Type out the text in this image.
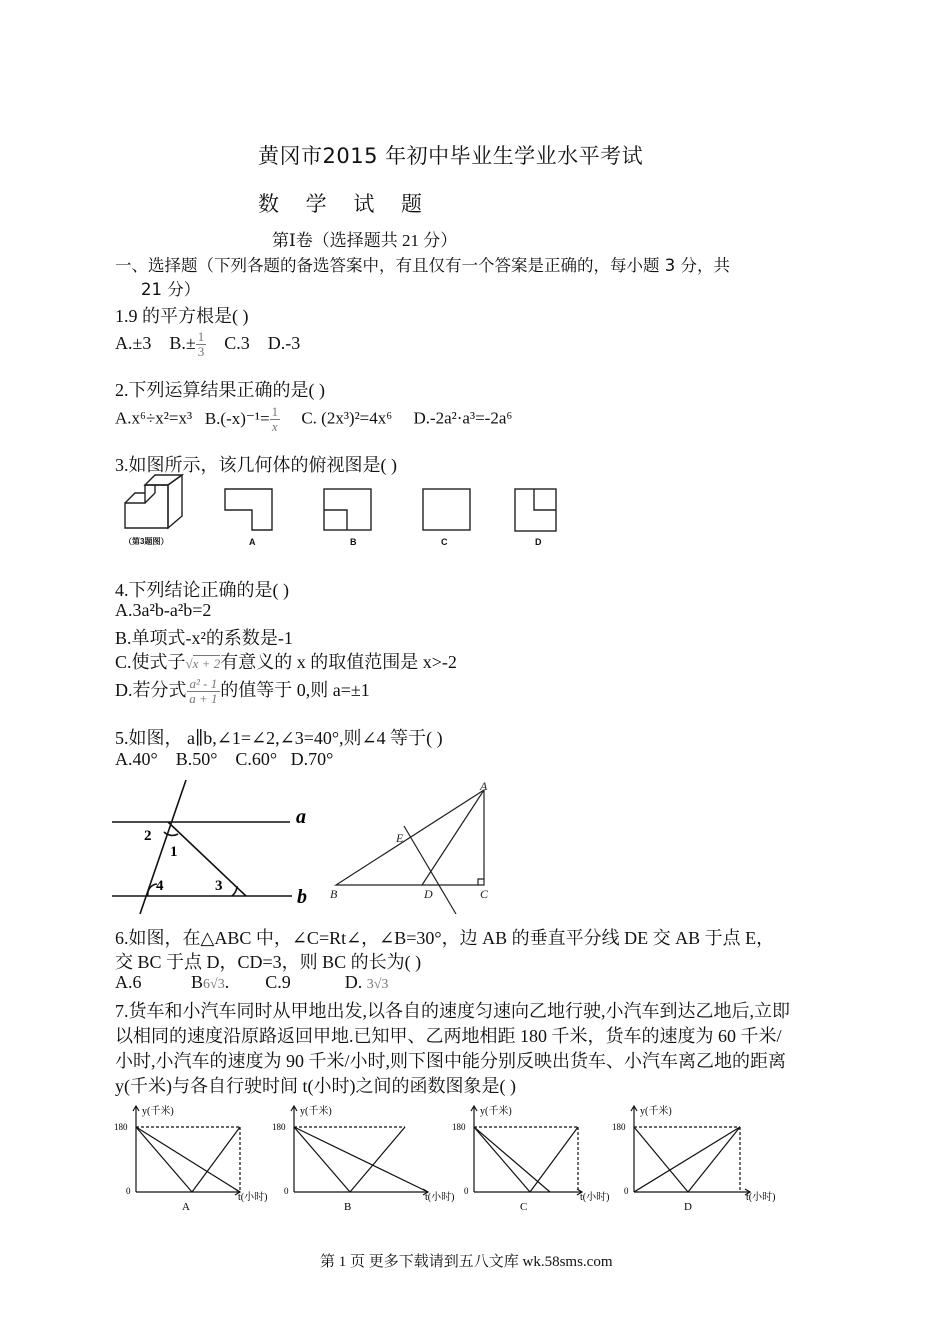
黄冈市2015 年初中毕业生学业水平考试
数 学 试 题
第Ⅰ卷（选择题共 21 分）
一、选择题（下列各题的备选答案中，有且仅有一个答案是正确的，每小题 3 分，共
21 分）
1.9 的平方根是( )
A.±3 $B.\pm \frac{1}{3} C.3$ D.-3
2.下列运算结果正确的是( )
A.x⁶÷x²=x³ $B.(-x)^{-1}= \frac{1}{x} C$. (2x³)²=4x⁶ D.-2a²·a³=-2a⁶
3.如图所示，该几何体的俯视图是( )
（第3题图）	A	B	C	D
4.下列结论正确的是( )
A.3a²b-a²b=2
B.单项式-x²的系数是-1
C.使式子√x + 2有意义的 x 的取值范围是 x>-2
D.若分式 $\frac{\text{a² - 1}}{a + 1}$ 的值等于 0,则 a=±1
5.如图， a∥b,∠1=∠2,∠3=40°,则∠4 等于( )
A.40°    B.50°    C.60°   D.70°
a
b
1
2
3
4
A
B	C
D
E
6.如图，在△ABC 中，∠C=Rt∠，∠B=30°，边 AB 的垂直平分线 DE 交 AB 于点 E，
交 BC 于点 D，CD=3，则 BC 的长为( )
A.6	B6√3. C.9	D. 3√3
7.货车和小汽车同时从甲地出发,以各自的速度匀速向乙地行驶,小汽车到达乙地后,立即
以相同的速度沿原路返回甲地.已知甲、乙两地相距 180 千米，货车的速度为 60 千米/
小时,小汽车的速度为 90 千米/小时,则下图中能分别反映出货车、小汽车离乙地的距离
y(千米)与各自行驶时间 t(小时)之间的函数图象是( )
y(千米)
180
0
t(小时)
A
y(千米)
180
0
t(小时)
B
y(千米)
180
0
t(小时)
C
y(千米)
180
0
t(小时)
D
第 1 页 更多下载请到五八文库 wk.58sms.com
